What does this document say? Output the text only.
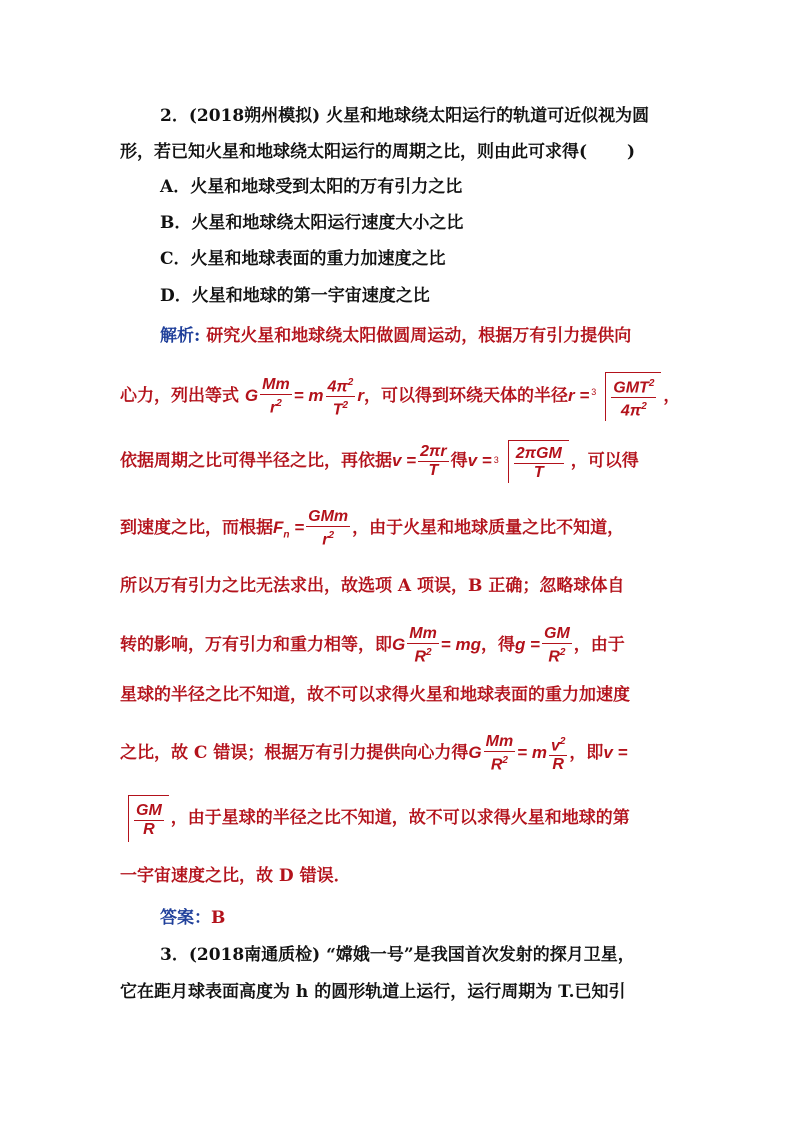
2．(2018朔州模拟) 火星和地球绕太阳运行的轨道可近似视为圆
形，若已知火星和地球绕太阳运行的周期之比，则由此可求得( )
A．火星和地球受到太阳的万有引力之比
B．火星和地球绕太阳运行速度大小之比
C．火星和地球表面的重力加速度之比
D．火星和地球的第一宇宙速度之比
解析: 研究火星和地球绕太阳做圆周运动，根据万有引力提供向
心力，列出等式 G $\frac{Mm}{r^2} = m \frac{4\pi^2}{T^2}$ r，可以得到环绕天体的半径$r = 3 \frac{GMT^2}{4\pi^2}$ ，
依据周期之比可得半径之比，再依据$v = \frac{2\pi r}{T}$ 得$v = 3 \frac{\text{2πGM}}{T}$ ，可以得
到速度之比，而根据$F_n = \frac{\text{GMm}}{r^2}$ ，由于火星和地球质量之比不知道，
所以万有引力之比无法求出，故选项 A 项误，B 正确；忽略球体自
转的影响，万有引力和重力相等，即G $\frac{Mm}{R^2}$ = mg，得$g = \frac{GM}{R^2}$ ，由于
星球的半径之比不知道，故不可以求得火星和地球表面的重力加速度
之比，故 C 错误；根据万有引力提供向心力得G $\frac{Mm}{R^2} = m \frac{v^2}{R}$ ，即v =
$\frac{GM}{R}$ ，由于星球的半径之比不知道，故不可以求得火星和地球的第
一宇宙速度之比，故 D 错误．
答案：B
3．(2018南通质检) “嫦娥一号”是我国首次发射的探月卫星，
它在距月球表面高度为 h 的圆形轨道上运行，运行周期为 T.已知引
